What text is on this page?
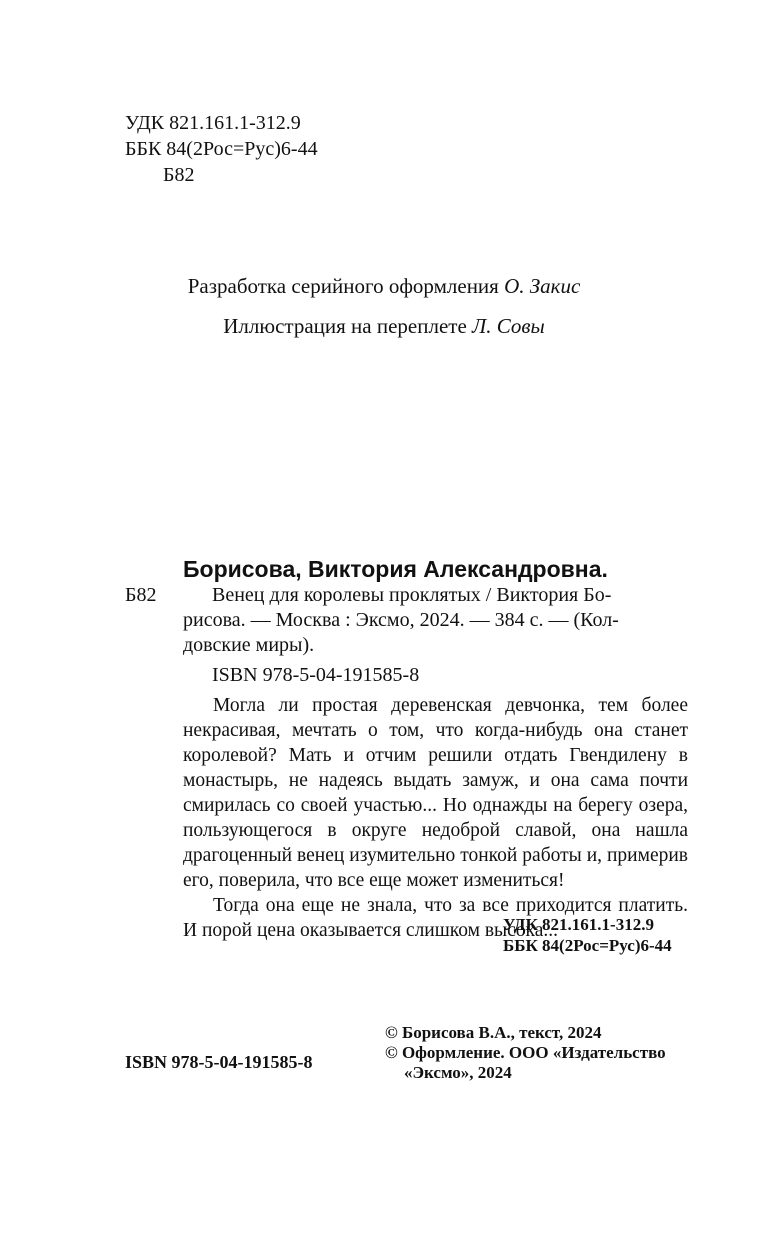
УДК 821.161.1-312.9
ББК 84(2Рос=Рус)6-44
Б82
Разработка серийного оформления О. Закис
Иллюстрация на переплете Л. Совы
Борисова, Виктория Александровна.
Б82	Венец для королевы проклятых / Виктория Бо-
рисова. — Москва : Эксмо, 2024. — 384 с. — (Кол-
довские миры).
ISBN 978-5-04-191585-8

Могла ли простая деревенская девчонка, тем более некрасивая, мечтать о том, что когда-нибудь она станет королевой? Мать и отчим решили отдать Гвендилену в монастырь, не надеясь выдать замуж, и она сама почти смирилась со своей участью... Но однажды на берегу озера, пользующегося в округе недоброй славой, она нашла драгоценный венец изумительно тонкой работы и, примерив его, поверила, что все еще может измениться!

Тогда она еще не знала, что за все приходится платить. И порой цена оказывается слишком высока...

УДК 821.161.1-312.9
ББК 84(2Рос=Рус)6-44
© Борисова В.А., текст, 2024
© Оформление. ООО «Издательство
«Эксмо», 2024
ISBN 978-5-04-191585-8
